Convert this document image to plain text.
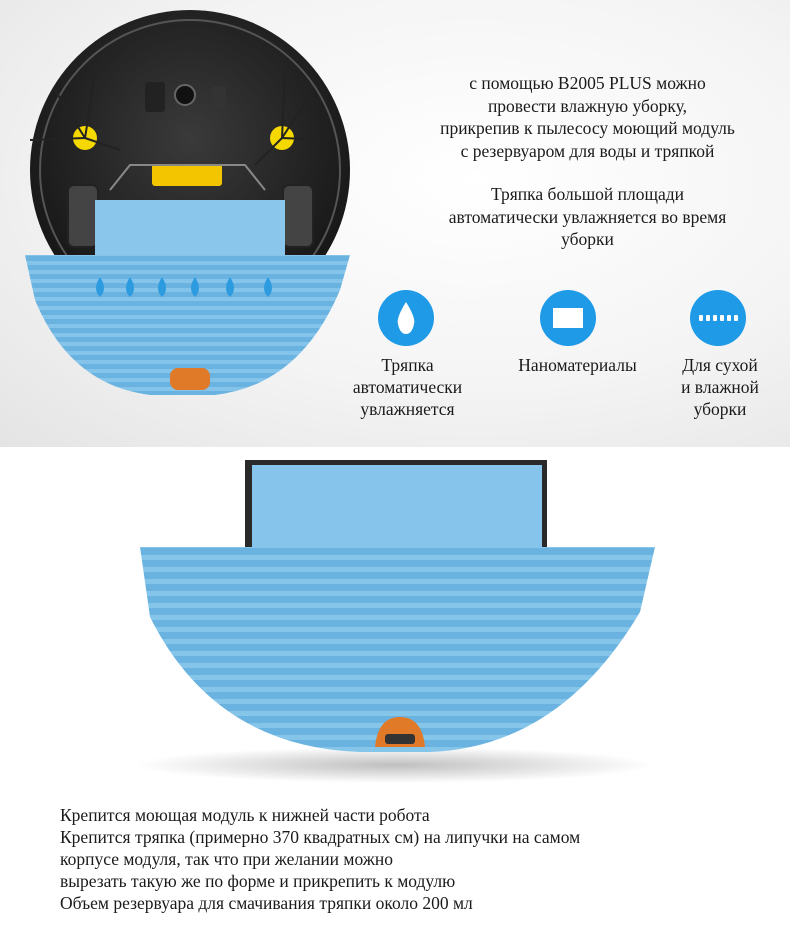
с помощью B2005 PLUS можно
провести влажную уборку,
прикрепив к пылесосу моющий модуль
с резервуаром для воды и тряпкой
Тряпка большой площади
автоматически увлажняется во время
уборки
Тряпка
автоматически
увлажняется
Наноматериалы	Для сухой
и влажной
уборки
Крепится моющая модуль к нижней части робота
Крепится тряпка (примерно 370 квадратных см) на липучки на самом
корпусе модуля, так что при желании можно
вырезать такую же по форме и прикрепить к модулю
Объем резервуара для смачивания тряпки около 200 мл
